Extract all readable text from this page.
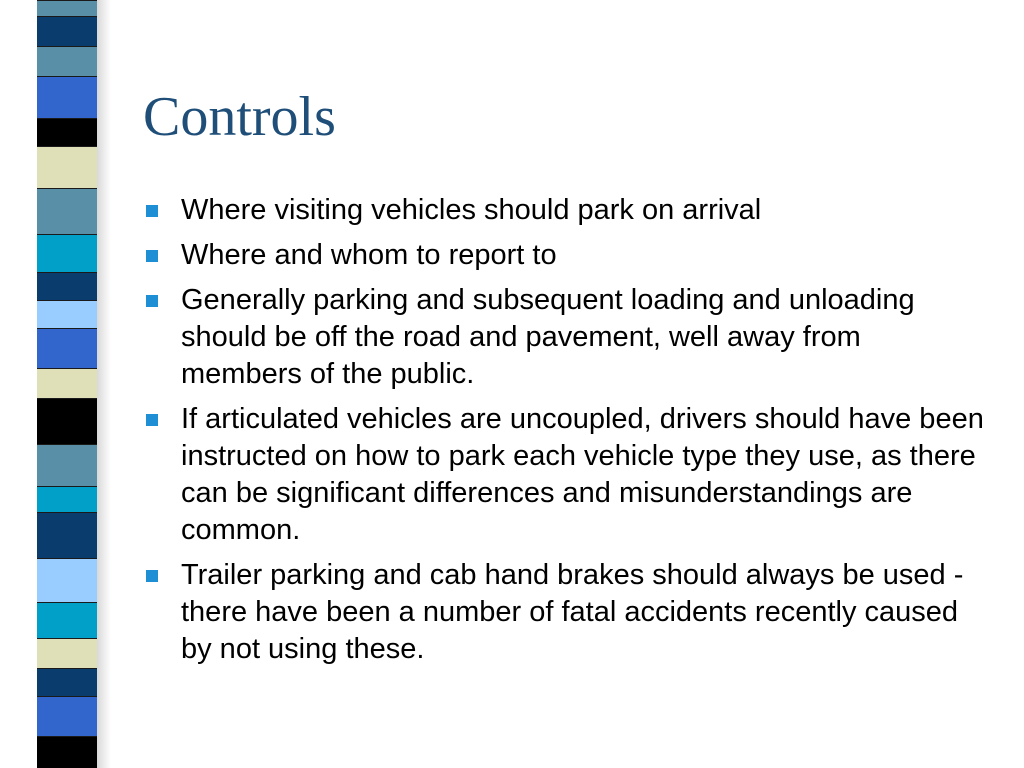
Controls
Where visiting vehicles should park on arrival
Where and whom to report to
Generally parking and subsequent loading and unloading should be off the road and pavement, well away from members of the public.
If articulated vehicles are uncoupled, drivers should have been instructed on how to park each vehicle type they use, as there can be significant differences and misunderstandings are common.
Trailer parking and cab hand brakes should always be used - there have been a number of fatal accidents recently caused by not using these.
